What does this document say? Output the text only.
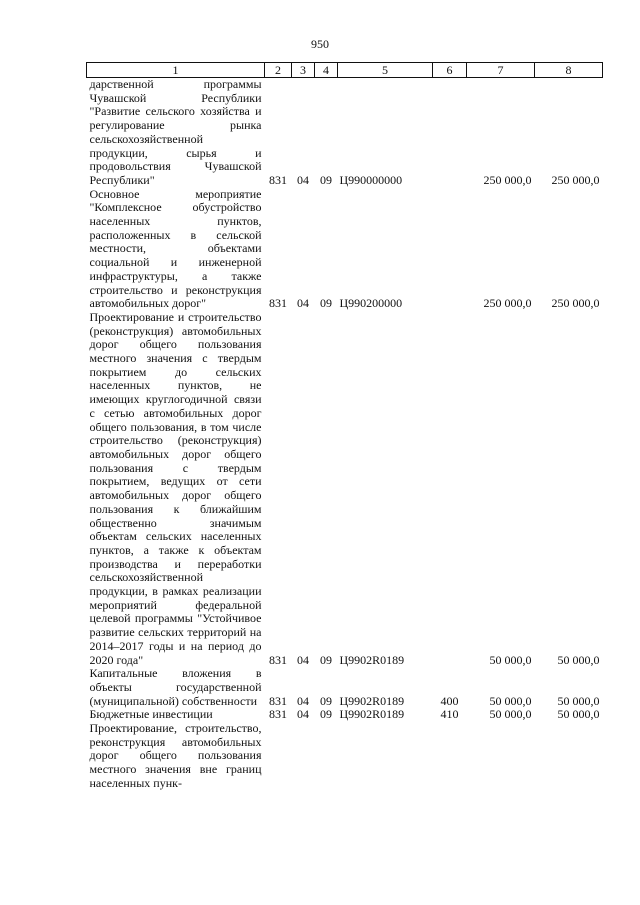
950
1	2	3	4	5	6	7	8

дарственной программы Чувашской Республики "Развитие сельского хозяйства и регулирование рынка сельскохозяйственной продукции, сырья и продовольствия Чувашской Республики"	831	04	09	Ц990000000		250 000,0	250 000,0

Основное мероприятие "Комплексное обустройство населенных пунктов, расположенных в сельской местности, объектами социальной и инженерной инфраструктуры, а также строительство и реконструкция автомобильных дорог"	831	04	09	Ц990200000		250 000,0	250 000,0

Проектирование и строительство (реконструкция) автомобильных дорог общего пользования местного значения с твердым покрытием до сельских населенных пунктов, не имеющих круглогодичной связи с сетью автомобильных дорог общего пользования, в том числе строительство (реконструкция) автомобильных дорог общего пользования с твердым покрытием, ведущих от сети автомобильных дорог общего пользования к ближайшим общественно значимым объектам сельских населенных пунктов, а также к объектам производства и переработки сельскохозяйственной продукции, в рамках реализации мероприятий федеральной целевой программы "Устойчивое развитие сельских территорий на 2014–2017 годы и на период до 2020 года"	831	04	09	Ц9902R0189		50 000,0	50 000,0

Капитальные вложения в объекты государственной (муниципальной) собственности	831	04	09	Ц9902R0189	400	50 000,0	50 000,0

Бюджетные инвестиции	831	04	09	Ц9902R0189	410	50 000,0	50 000,0

Проектирование, строительство, реконструкция автомобильных дорог общего пользования местного значения вне границ населенных пунк-							
